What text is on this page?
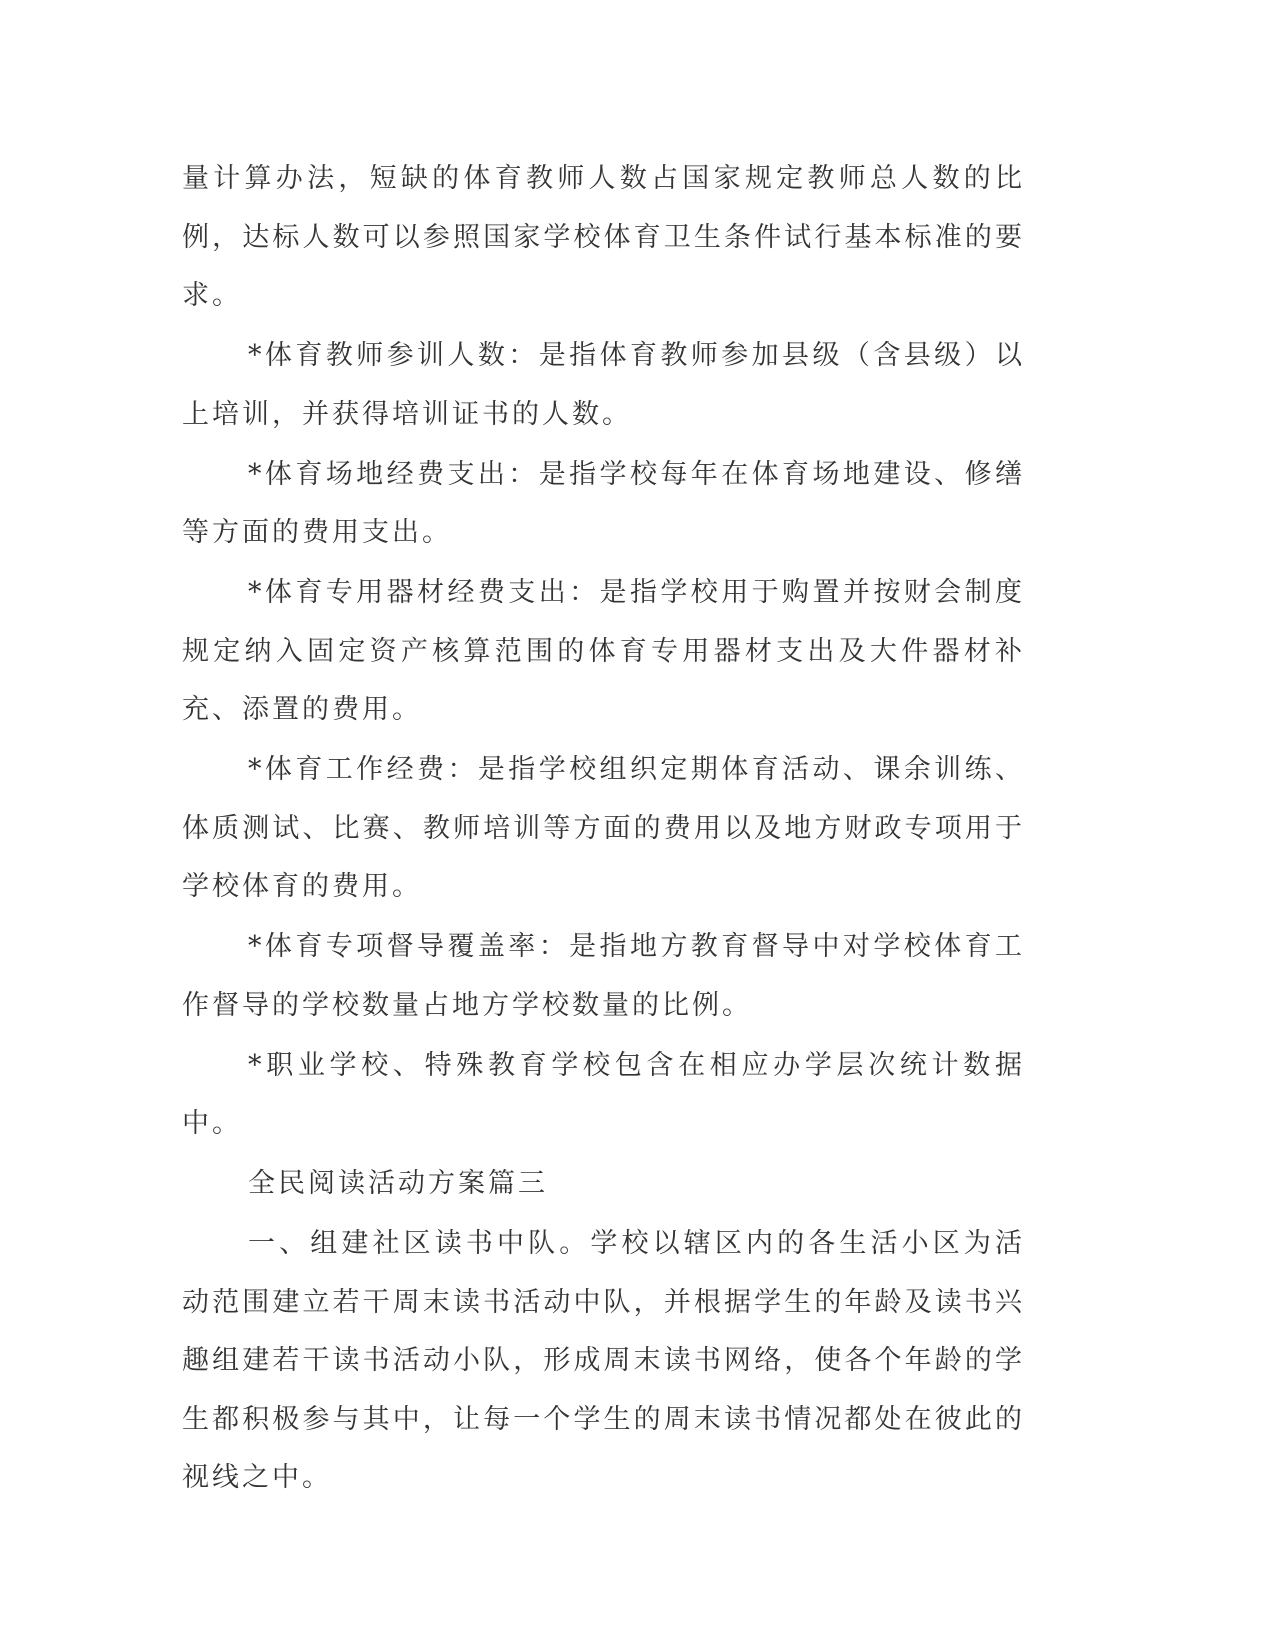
量计算办法，短缺的体育教师人数占国家规定教师总人数的比例，达标人数可以参照国家学校体育卫生条件试行基本标准的要求。

*体育教师参训人数：是指体育教师参加县级（含县级）以上培训，并获得培训证书的人数。

*体育场地经费支出：是指学校每年在体育场地建设、修缮等方面的费用支出。

*体育专用器材经费支出：是指学校用于购置并按财会制度规定纳入固定资产核算范围的体育专用器材支出及大件器材补充、添置的费用。

*体育工作经费：是指学校组织定期体育活动、课余训练、体质测试、比赛、教师培训等方面的费用以及地方财政专项用于学校体育的费用。

*体育专项督导覆盖率：是指地方教育督导中对学校体育工作督导的学校数量占地方学校数量的比例。

*职业学校、特殊教育学校包含在相应办学层次统计数据中。

全民阅读活动方案篇三

一、组建社区读书中队。学校以辖区内的各生活小区为活动范围建立若干周末读书活动中队，并根据学生的年龄及读书兴趣组建若干读书活动小队，形成周末读书网络，使各个年龄的学生都积极参与其中，让每一个学生的周末读书情况都处在彼此的视线之中。
